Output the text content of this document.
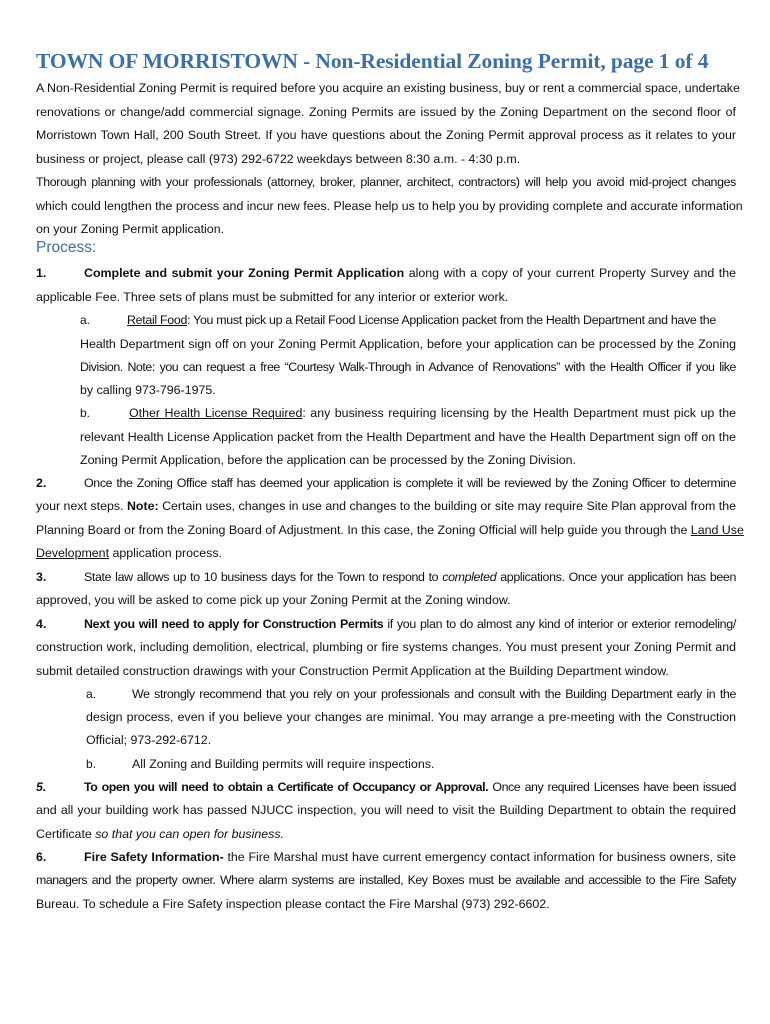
TOWN OF MORRISTOWN - Non-Residential Zoning Permit, page 1 of 4
A Non-Residential Zoning Permit is required before you acquire an existing business, buy or rent a commercial space, undertake
renovations or change/add commercial signage. Zoning Permits are issued by the Zoning Department on the second floor of
Morristown Town Hall, 200 South Street. If you have questions about the Zoning Permit approval process as it relates to your
business or project, please call (973) 292-6722 weekdays between 8:30 a.m. - 4:30 p.m.
Thorough planning with your professionals (attorney, broker, planner, architect, contractors) will help you avoid mid-project changes
which could lengthen the process and incur new fees. Please help us to help you by providing complete and accurate information
on your Zoning Permit application.
Process:
1.	Complete and submit your Zoning Permit Application along with a copy of your current Property Survey and the
applicable Fee. Three sets of plans must be submitted for any interior or exterior work.
a.	Retail Food: You must pick up a Retail Food License Application packet from the Health Department and have the
Health Department sign off on your Zoning Permit Application, before your application can be processed by the Zoning
Division. Note: you can request a free “Courtesy Walk-Through in Advance of Renovations” with the Health Officer if you like
by calling 973-796-1975.
b.	Other Health License Required: any business requiring licensing by the Health Department must pick up the
relevant Health License Application packet from the Health Department and have the Health Department sign off on the
Zoning Permit Application, before the application can be processed by the Zoning Division.
2.	Once the Zoning Office staff has deemed your application is complete it will be reviewed by the Zoning Officer to determine
your next steps. Note: Certain uses, changes in use and changes to the building or site may require Site Plan approval from the
Planning Board or from the Zoning Board of Adjustment. In this case, the Zoning Official will help guide you through the Land Use
Development application process.
3.	State law allows up to 10 business days for the Town to respond to completed applications. Once your application has been
approved, you will be asked to come pick up your Zoning Permit at the Zoning window.
4.	Next you will need to apply for Construction Permits if you plan to do almost any kind of interior or exterior remodeling/
construction work, including demolition, electrical, plumbing or fire systems changes. You must present your Zoning Permit and
submit detailed construction drawings with your Construction Permit Application at the Building Department window.
a.	We strongly recommend that you rely on your professionals and consult with the Building Department early in the
design process, even if you believe your changes are minimal. You may arrange a pre-meeting with the Construction
Official; 973-292-6712.
b.	All Zoning and Building permits will require inspections.
5.	To open you will need to obtain a Certificate of Occupancy or Approval. Once any required Licenses have been issued
and all your building work has passed NJUCC inspection, you will need to visit the Building Department to obtain the required
Certificate so that you can open for business.
6.	Fire Safety Information- the Fire Marshal must have current emergency contact information for business owners, site
managers and the property owner. Where alarm systems are installed, Key Boxes must be available and accessible to the Fire Safety
Bureau. To schedule a Fire Safety inspection please contact the Fire Marshal (973) 292-6602.
